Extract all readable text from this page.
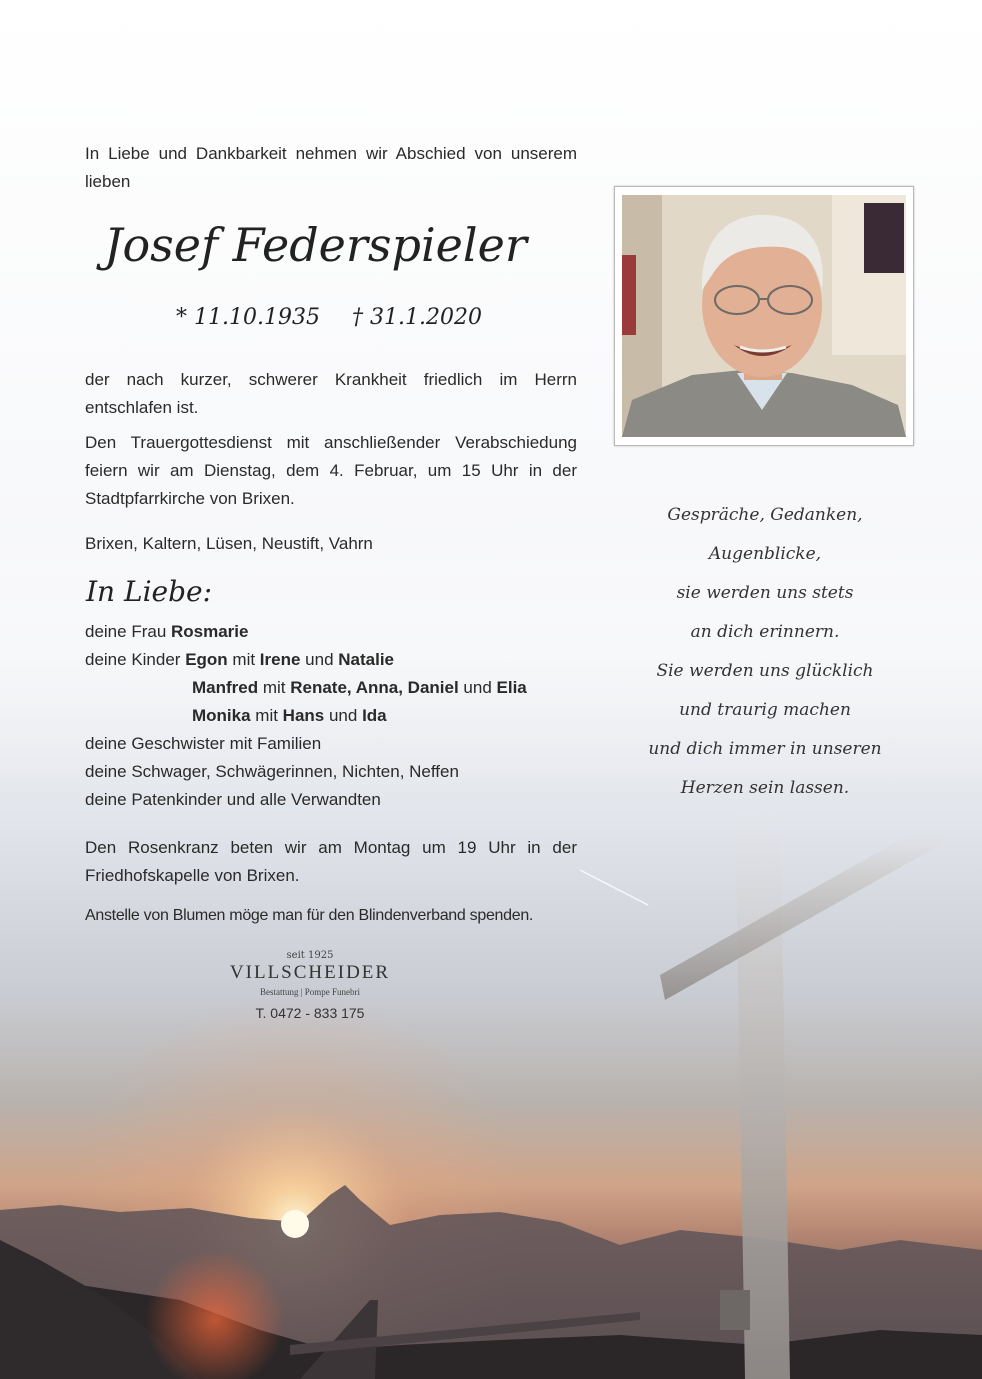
In Liebe und Dankbarkeit nehmen wir Abschied von unserem lieben
Josef Federspieler
* 11.10.1935 † 31.1.2020
der nach kurzer, schwerer Krankheit friedlich im Herrn entschlafen ist.
Den Trauergottesdienst mit anschließender Verabschiedung feiern wir am Dienstag, dem 4. Februar, um 15 Uhr in der Stadtpfarrkirche von Brixen.
Brixen, Kaltern, Lüsen, Neustift, Vahrn
In Liebe:
deine Frau Rosmarie
deine Kinder Egon mit Irene und Natalie
Manfred mit Renate, Anna, Daniel und Elia
Monika mit Hans und Ida
deine Geschwister mit Familien
deine Schwager, Schwägerinnen, Nichten, Neffen
deine Patenkinder und alle Verwandten
Den Rosenkranz beten wir am Montag um 19 Uhr in der Friedhofskapelle von Brixen.
Anstelle von Blumen möge man für den Blindenverband spenden.
seit 1925
VILLSCHEIDER
Bestattung | Pompe Funebri
T. 0472 - 833 175
Gespräche, Gedanken,
Augenblicke,
sie werden uns stets
an dich erinnern.
Sie werden uns glücklich
und traurig machen
und dich immer in unseren
Herzen sein lassen.
